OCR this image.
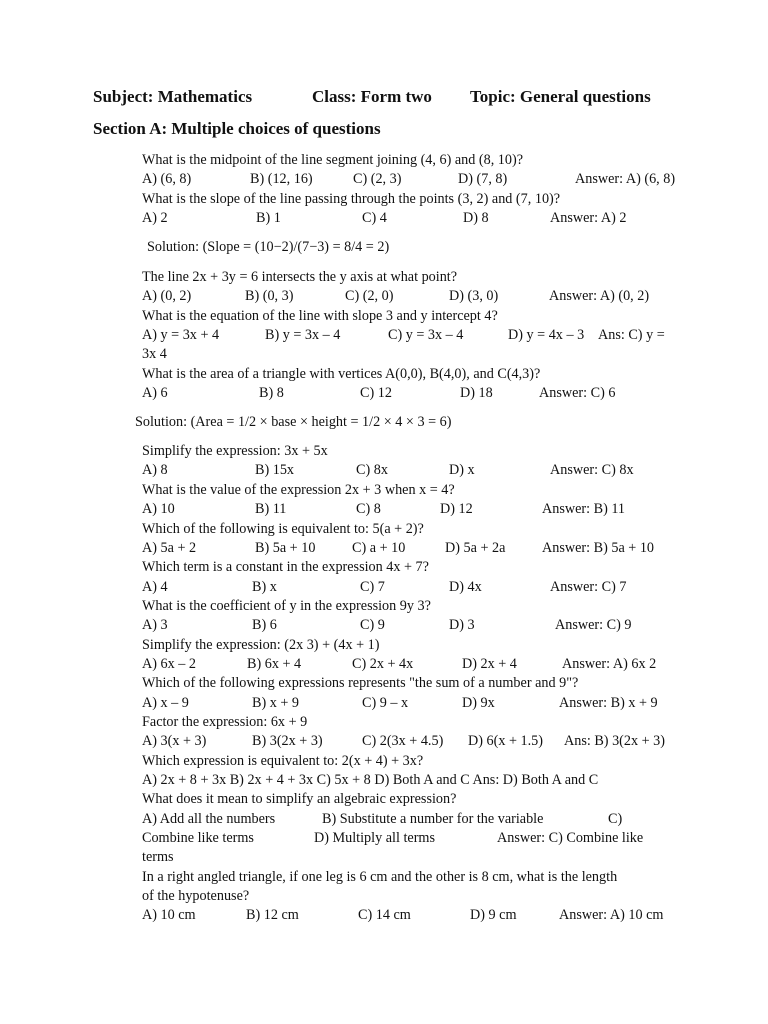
Subject: Mathematics	Class: Form two Topic: General questions
Section A: Multiple choices of questions
What is the midpoint of the line segment joining (4, 6) and (8, 10)?
A) (6, 8)	B) (12, 16)	C) (2, 3)	D) (7, 8)	Answer: A) (6, 8)
What is the slope of the line passing through the points (3, 2) and (7, 10)?
A) 2	B) 1	C) 4	D) 8	Answer: A) 2
Solution: (Slope = (10−2)/(7−3) = 8/4 = 2)
The line 2x + 3y = 6 intersects the y axis at what point?
A) (0, 2)	B) (0, 3)	C) (2, 0)	D) (3, 0)	Answer: A) (0, 2)
What is the equation of the line with slope 3 and y intercept 4?
A) y = 3x + 4	B) y = 3x – 4	C) y = 3x – 4	D) y = 4x – 3 Ans: C) y =
3x 4
What is the area of a triangle with vertices A(0,0), B(4,0), and C(4,3)?
A) 6	B) 8	C) 12	D) 18	Answer: C) 6
Solution: (Area = 1/2 × base × height = 1/2 × 4 × 3 = 6)
Simplify the expression: 3x + 5x
A) 8	B) 15x	C) 8x	D) x	Answer: C) 8x
What is the value of the expression 2x + 3 when x = 4?
A) 10	B) 11	C) 8	D) 12	Answer: B) 11
Which of the following is equivalent to: 5(a + 2)?
A) 5a + 2	B) 5a + 10	C) a + 10	D) 5a + 2a	Answer: B) 5a + 10
Which term is a constant in the expression 4x + 7?
A) 4	B) x	C) 7	D) 4x	Answer: C) 7
What is the coefficient of y in the expression 9y 3?
A) 3	B) 6	C) 9	D) 3	Answer: C) 9
Simplify the expression: (2x 3) + (4x + 1)
A) 6x – 2	B) 6x + 4	C) 2x + 4x	D) 2x + 4	Answer: A) 6x 2
Which of the following expressions represents "the sum of a number and 9"?
A) x – 9	B) x + 9	C) 9 – x	D) 9x	Answer: B) x + 9
Factor the expression: 6x + 9
A) 3(x + 3)	B) 3(2x + 3)	C) 2(3x + 4.5) D) 6(x + 1.5) Ans: B) 3(2x + 3)
Which expression is equivalent to: 2(x + 4) + 3x?
A) 2x + 8 + 3x B) 2x + 4 + 3x C) 5x + 8 D) Both A and C Ans: D) Both A and C
What does it mean to simplify an algebraic expression?
A) Add all the numbers	B) Substitute a number for the variable	C)
Combine like terms	D) Multiply all terms	Answer: C) Combine like
terms
In a right angled triangle, if one leg is 6 cm and the other is 8 cm, what is the length
of the hypotenuse?
A) 10 cm	B) 12 cm	C) 14 cm	D) 9 cm	Answer: A) 10 cm
